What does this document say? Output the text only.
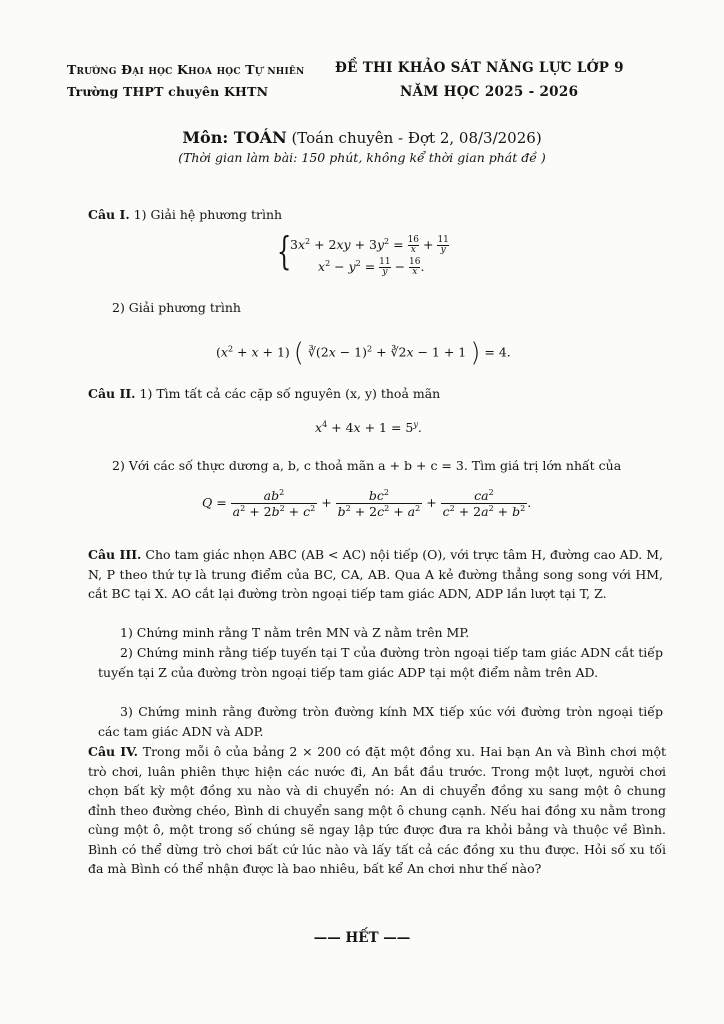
Trường Đại học Khoa học Tự nhiên
Trường THPT chuyên KHTN
ĐỀ THI KHẢO SÁT NĂNG LỰC LỚP 9
NĂM HỌC 2025 - 2026
Môn: TOÁN (Toán chuyên - Đợt 2, 08/3/2026)
(Thời gian làm bài: 150 phút, không kể thời gian phát đề )
Câu I. 1) Giải hệ phương trình
{
$3x^2 + 2xy + 3y^2 = \frac{16}{x} + \frac{11}{y}$
$x^2 - y^2 = \frac{11}{y} - \frac{16}{x}$ .
2) Giải phương trình
$(x^2 + x + 1)$ ( ∛(2x − 1)$^2$ + ∛2x − 1 + 1 ) = 4.
Câu II. 1) Tìm tất cả các cặp số nguyên (x, y) thoả mãn
$x^4 + 4x + 1 = 5^y$.
2) Với các số thực dương a, b, c thoả mãn a + b + c = 3. Tìm giá trị lớn nhất của
$Q = \frac{ab^2}{a^2 + 2b^2 + c^2} + \frac{bc^2}{b^2 + 2c^2 + a^2} + \frac{ca^2}{c^2 + 2a^2 + b^2}$ .
Câu III. Cho tam giác nhọn ABC (AB < AC) nội tiếp (O), với trực tâm H, đường cao AD. M, N, P theo thứ tự là trung điểm của BC, CA, AB. Qua A kẻ đường thẳng song song với HM, cắt BC tại X. AO cắt lại đường tròn ngoại tiếp tam giác ADN, ADP lần lượt tại T, Z.
1) Chứng minh rằng T nằm trên MN và Z nằm trên MP.
2) Chứng minh rằng tiếp tuyến tại T của đường tròn ngoại tiếp tam giác ADN cắt tiếp tuyến tại Z của đường tròn ngoại tiếp tam giác ADP tại một điểm nằm trên AD.
3) Chứng minh rằng đường tròn đường kính MX tiếp xúc với đường tròn ngoại tiếp các tam giác ADN và ADP.
Câu IV. Trong mỗi ô của bảng 2 × 200 có đặt một đồng xu. Hai bạn An và Bình chơi một trò chơi, luân phiên thực hiện các nước đi, An bắt đầu trước. Trong một lượt, người chơi chọn bất kỳ một đồng xu nào và di chuyển nó: An di chuyển đồng xu sang một ô chung đỉnh theo đường chéo, Bình di chuyển sang một ô chung cạnh. Nếu hai đồng xu nằm trong cùng một ô, một trong số chúng sẽ ngay lập tức được đưa ra khỏi bảng và thuộc về Bình. Bình có thể dừng trò chơi bất cứ lúc nào và lấy tất cả các đồng xu thu được. Hỏi số xu tối đa mà Bình có thể nhận được là bao nhiêu, bất kể An chơi như thế nào?
—— HẾT ——
